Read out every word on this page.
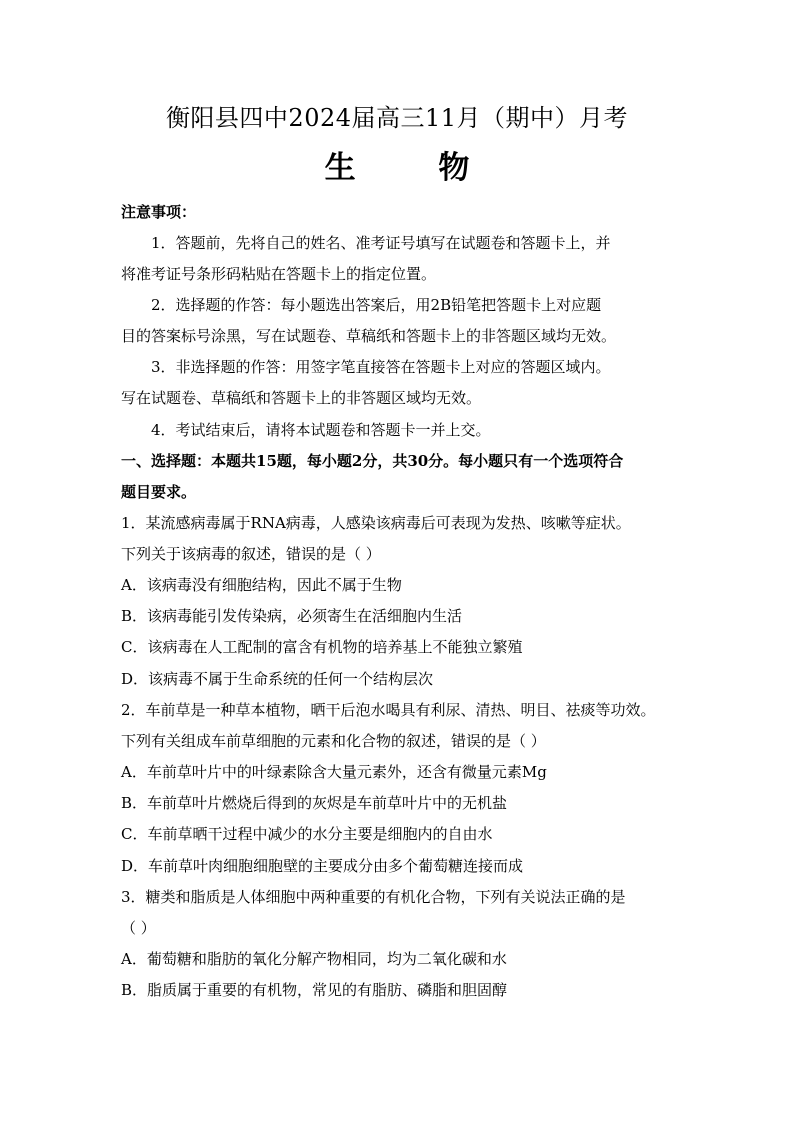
衡阳县四中2024届高三11月（期中）月考
生 物
注意事项：
1．答题前，先将自己的姓名、准考证号填写在试题卷和答题卡上，并
将准考证号条形码粘贴在答题卡上的指定位置。
2．选择题的作答：每小题选出答案后，用2B铅笔把答题卡上对应题
目的答案标号涂黑，写在试题卷、草稿纸和答题卡上的非答题区域均无效。
3．非选择题的作答：用签字笔直接答在答题卡上对应的答题区域内。
写在试题卷、草稿纸和答题卡上的非答题区域均无效。
4．考试结束后，请将本试题卷和答题卡一并上交。
一、选择题：本题共15题，每小题2分，共30分。每小题只有一个选项符合
题目要求。
1．某流感病毒属于RNA病毒，人感染该病毒后可表现为发热、咳嗽等症状。
下列关于该病毒的叙述，错误的是（ ）
A．该病毒没有细胞结构，因此不属于生物
B．该病毒能引发传染病，必须寄生在活细胞内生活
C．该病毒在人工配制的富含有机物的培养基上不能独立繁殖
D．该病毒不属于生命系统的任何一个结构层次
2．车前草是一种草本植物，晒干后泡水喝具有利尿、清热、明目、祛痰等功效。
下列有关组成车前草细胞的元素和化合物的叙述，错误的是（ ）
A．车前草叶片中的叶绿素除含大量元素外，还含有微量元素Mg
B．车前草叶片燃烧后得到的灰烬是车前草叶片中的无机盐
C．车前草晒干过程中减少的水分主要是细胞内的自由水
D．车前草叶肉细胞细胞壁的主要成分由多个葡萄糖连接而成
3．糖类和脂质是人体细胞中两种重要的有机化合物，下列有关说法正确的是
（ ）
A．葡萄糖和脂肪的氧化分解产物相同，均为二氧化碳和水
B．脂质属于重要的有机物，常见的有脂肪、磷脂和胆固醇
